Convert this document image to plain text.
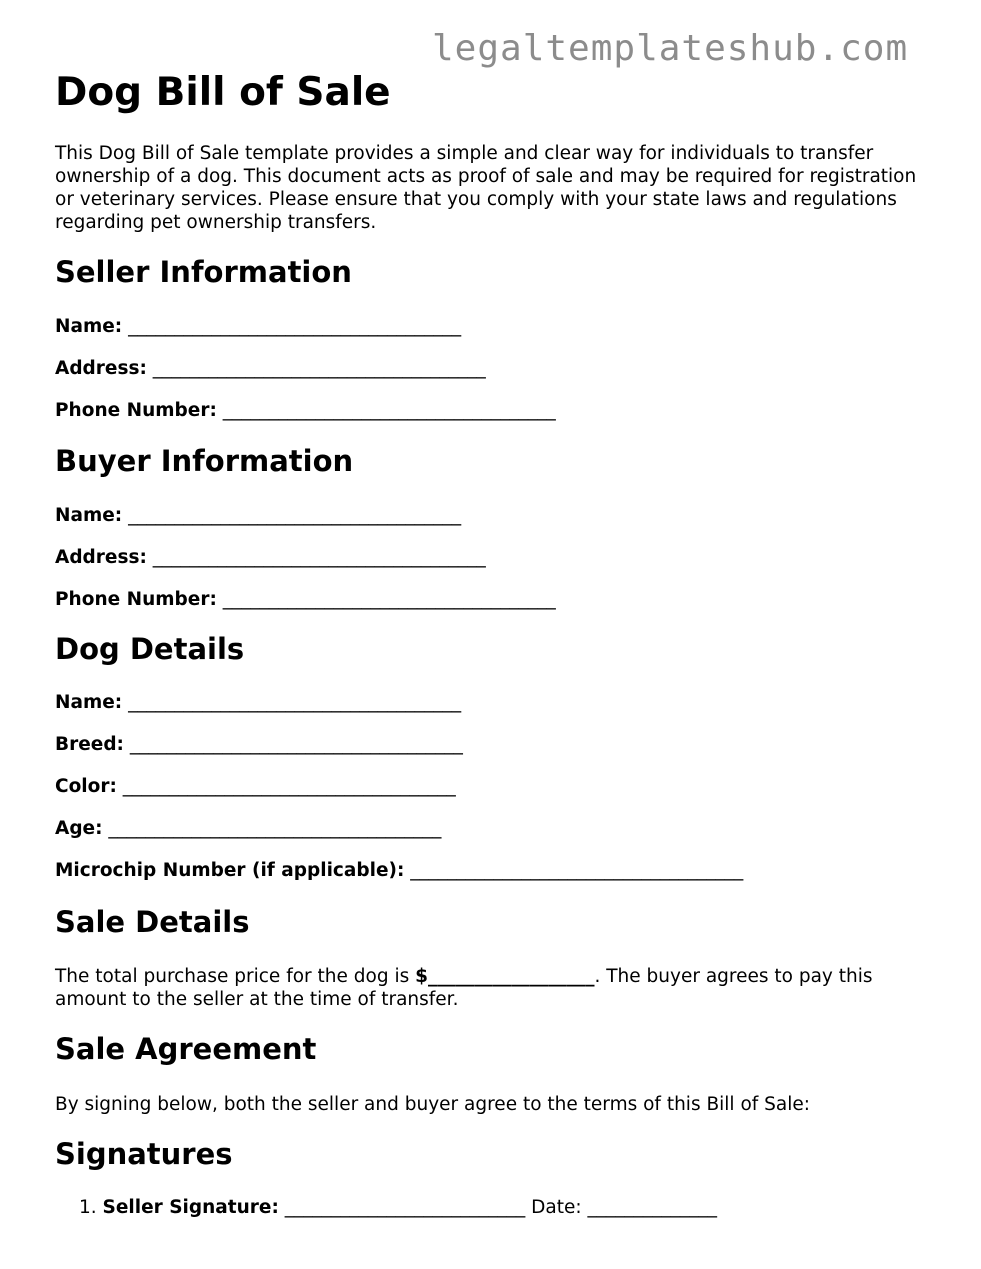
legaltemplateshub.com
Dog Bill of Sale

This Dog Bill of Sale template provides a simple and clear way for individuals to transfer ownership of a dog. This document acts as proof of sale and may be required for registration or veterinary services. Please ensure that you comply with your state laws and regulations regarding pet ownership transfers.

Seller Information

Name: ____________________________________

Address: ____________________________________

Phone Number: ____________________________________

Buyer Information

Name: ____________________________________

Address: ____________________________________

Phone Number: ____________________________________

Dog Details

Name: ____________________________________

Breed: ____________________________________

Color: ____________________________________

Age: ____________________________________

Microchip Number (if applicable): ____________________________________

Sale Details

The total purchase price for the dog is $__________________. The buyer agrees to pay this amount to the seller at the time of transfer.

Sale Agreement

By signing below, both the seller and buyer agree to the terms of this Bill of Sale:

Signatures

1. Seller Signature: __________________________ Date: ______________
